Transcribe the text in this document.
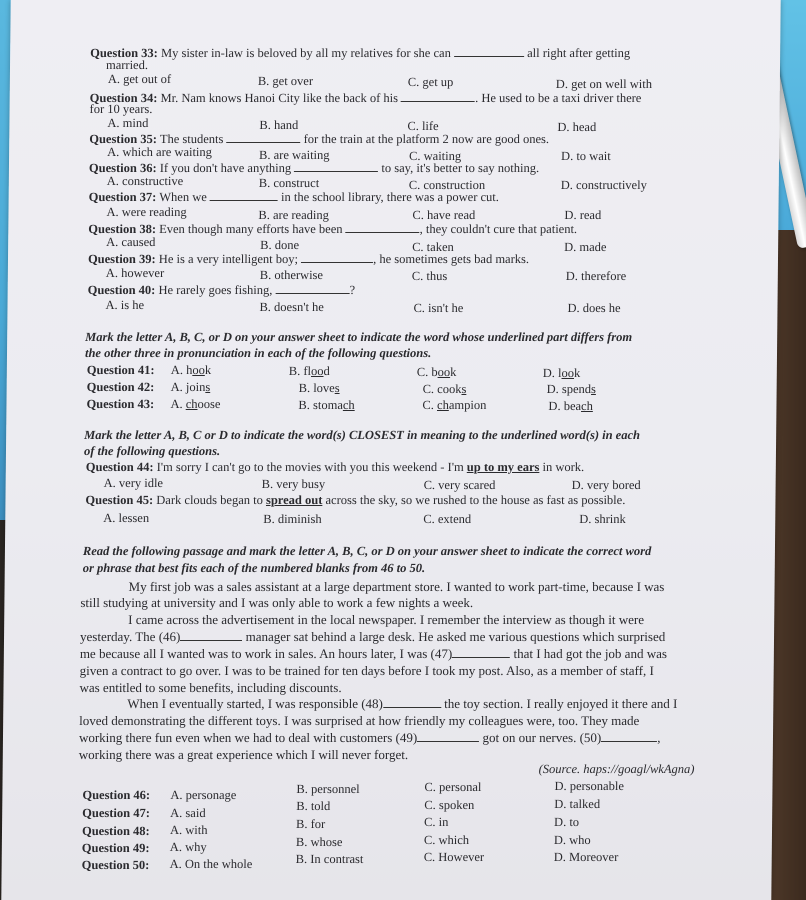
Question 33: My sister in-law is beloved by all my relatives for she can	all right after getting
married.
A. get out of	B. get over	C. get up	D. get on well with
Question 34: Mr. Nam knows Hanoi City like the back of his	. He used to be a taxi driver there
for 10 years.
A. mind	B. hand	C. life	D. head
Question 35: The students	for the train at the platform 2 now are good ones.
A. which are waiting	B. are waiting	C. waiting	D. to wait
Question 36: If you don't have anything	to say, it's better to say nothing.
A. constructive	B. construct	C. construction	D. constructively
Question 37: When we	in the school library, there was a power cut.
A. were reading	B. are reading	C. have read	D. read
Question 38: Even though many efforts have been	, they couldn't cure that patient.
A. caused	B. done	C. taken	D. made
Question 39: He is a very intelligent boy;	, he sometimes gets bad marks.
A. however	B. otherwise	C. thus	D. therefore
Question 40: He rarely goes fishing,	?
A. is he	B. doesn't he	C. isn't he	D. does he
Mark the letter A, B, C, or D on your answer sheet to indicate the word whose underlined part differs from
the other three in pronunciation in each of the following questions.
Question 41: A. hook	B. flood	C. book	D. look
Question 42: A. joins	B. loves	C. cooks	D. spends
Question 43: A. choose	B. stomach	C. champion	D. beach
Mark the letter A, B, C or D to indicate the word(s) CLOSEST in meaning to the underlined word(s) in each
of the following questions.
Question 44: I'm sorry I can't go to the movies with you this weekend - I'm up to my ears in work.
A. very idle	B. very busy	C. very scared	D. very bored
Question 45: Dark clouds began to spread out across the sky, so we rushed to the house as fast as possible.
A. lessen	B. diminish	C. extend	D. shrink
Read the following passage and mark the letter A, B, C, or D on your answer sheet to indicate the correct word
or phrase that best fits each of the numbered blanks from 46 to 50.
My first job was a sales assistant at a large department store. I wanted to work part-time, because I was
still studying at university and I was only able to work a few nights a week.
I came across the advertisement in the local newspaper. I remember the interview as though it were
yesterday. The (46)	manager sat behind a large desk. He asked me various questions which surprised
me because all I wanted was to work in sales. An hours later, I was (47)	that I had got the job and was
given a contract to go over. I was to be trained for ten days before I took my post. Also, as a member of staff, I
was entitled to some benefits, including discounts.
When I eventually started, I was responsible (48)	the toy section. I really enjoyed it there and I
loved demonstrating the different toys. I was surprised at how friendly my colleagues were, too. They made
working there fun even when we had to deal with customers (49)	got on our nerves. (50)	,
working there was a great experience which I will never forget.
(Source. haps://goagl/wkAgna)
Question 46: A. personage	B. personnel	C. personal	D. personable
Question 47: A. said	B. told	C. spoken	D. talked
Question 48: A. with	B. for	C. in	D. to
Question 49: A. why	B. whose	C. which	D. who
Question 50: A. On the whole	B. In contrast	C. However	D. Moreover
